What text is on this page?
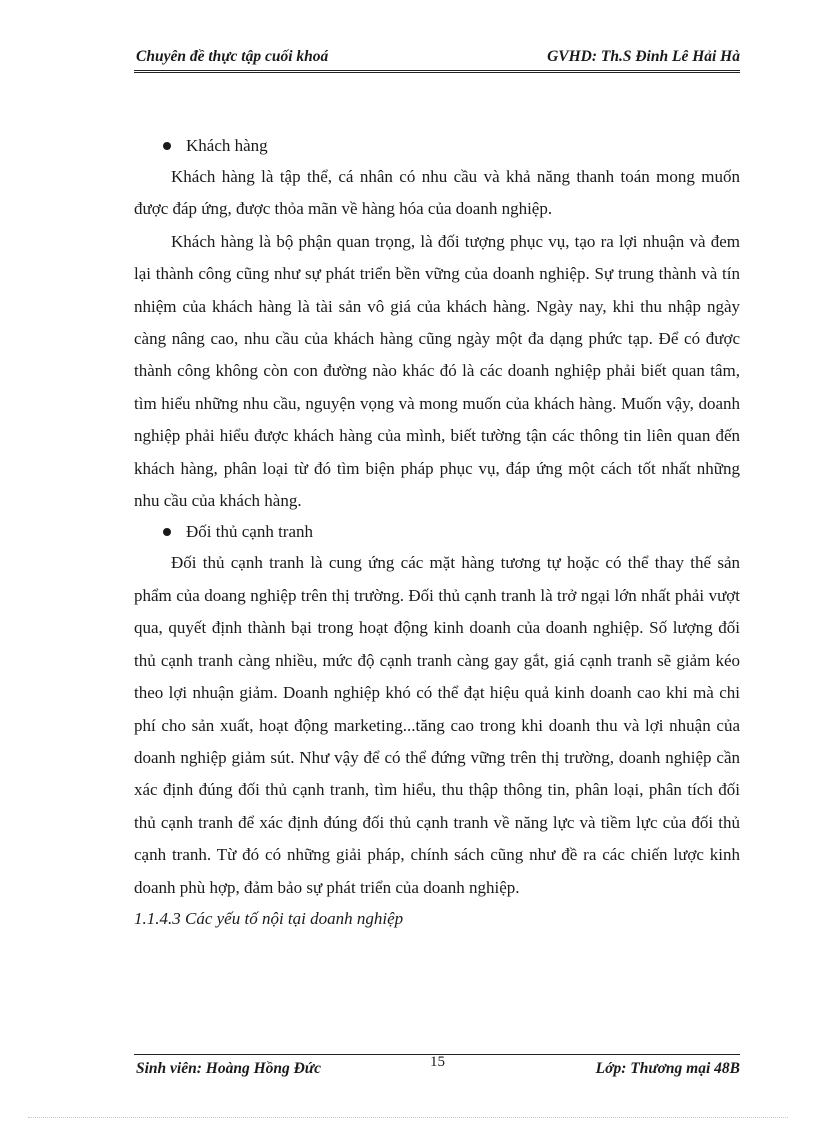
Chuyên đề thực tập cuối khoá	GVHD: Th.S Đinh Lê Hải Hà
Khách hàng

Khách hàng là tập thể, cá nhân có nhu cầu và khả năng thanh toán mong muốn được đáp ứng, được thỏa mãn về hàng hóa của doanh nghiệp.

Khách hàng là bộ phận quan trọng, là đối tượng phục vụ, tạo ra lợi nhuận và đem lại thành công cũng như sự phát triển bền vững của doanh nghiệp. Sự trung thành và tín nhiệm của khách hàng là tài sản vô giá của khách hàng. Ngày nay, khi thu nhập ngày càng nâng cao, nhu cầu của khách hàng cũng ngày một đa dạng phức tạp. Để có được thành công không còn con đường nào khác đó là các doanh nghiệp phải biết quan tâm, tìm hiểu những nhu cầu, nguyện vọng và mong muốn của khách hàng. Muốn vậy, doanh nghiệp phải hiểu được khách hàng của mình, biết tường tận các thông tin liên quan đến khách hàng, phân loại từ đó tìm biện pháp phục vụ, đáp ứng một cách tốt nhất những nhu cầu của khách hàng.

Đối thủ cạnh tranh

Đối thủ cạnh tranh là cung ứng các mặt hàng tương tự hoặc có thể thay thế sản phẩm của doang nghiệp trên thị trường. Đối thủ cạnh tranh là trở ngại lớn nhất phải vượt qua, quyết định thành bại trong hoạt động kinh doanh của doanh nghiệp. Số lượng đối thủ cạnh tranh càng nhiều, mức độ cạnh tranh càng gay gắt, giá cạnh tranh sẽ giảm kéo theo lợi nhuận giảm. Doanh nghiệp khó có thể đạt hiệu quả kinh doanh cao khi mà chi phí cho sản xuất, hoạt động marketing...tăng cao trong khi doanh thu và lợi nhuận của doanh nghiệp giảm sút. Như vậy để có thể đứng vững trên thị trường, doanh nghiệp cần xác định đúng đối thủ cạnh tranh, tìm hiểu, thu thập thông tin, phân loại, phân tích đối thủ cạnh tranh để xác định đúng đối thủ cạnh tranh về năng lực và tiềm lực của đối thủ cạnh tranh. Từ đó có những giải pháp, chính sách cũng như đề ra các chiến lược kinh doanh phù hợp, đảm bảo sự phát triển của doanh nghiệp.

1.1.4.3 Các yếu tố nội tại doanh nghiệp
Sinh viên: Hoàng Hồng Đức	15	Lớp: Thương mại 48B
